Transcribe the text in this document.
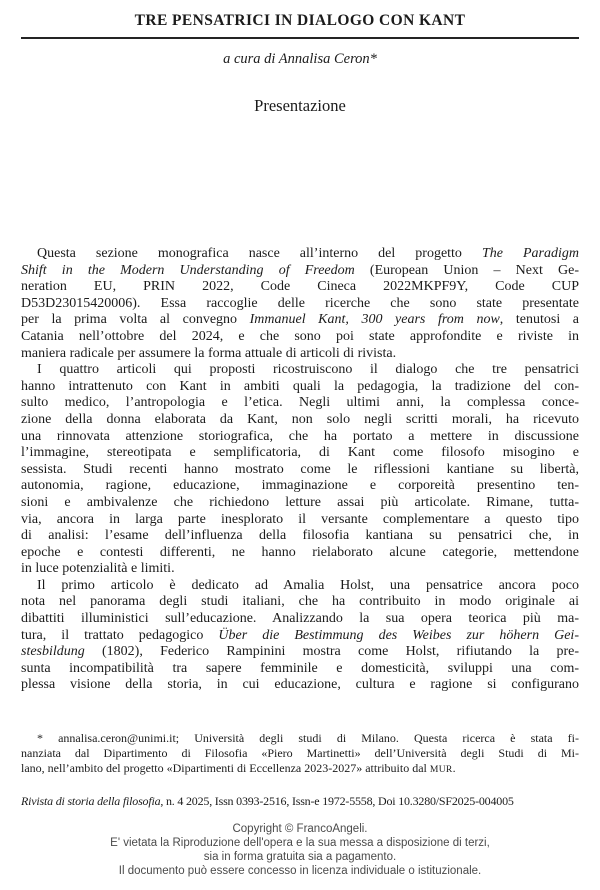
TRE PENSATRICI IN DIALOGO CON KANT
a cura di Annalisa Ceron*
Presentazione
Questa sezione monografica nasce all’interno del progetto The Paradigm
Shift in the Modern Understanding of Freedom (European Union – Next Ge-
neration EU, PRIN 2022, Code Cineca 2022MKPF9Y, Code CUP
D53D23015420006). Essa raccoglie delle ricerche che sono state presentate
per la prima volta al convegno Immanuel Kant, 300 years from now, tenutosi a
Catania nell’ottobre del 2024, e che sono poi state approfondite e riviste in
maniera radicale per assumere la forma attuale di articoli di rivista.
I quattro articoli qui proposti ricostruiscono il dialogo che tre pensatrici
hanno intrattenuto con Kant in ambiti quali la pedagogia, la tradizione del con-
sulto medico, l’antropologia e l’etica. Negli ultimi anni, la complessa conce-
zione della donna elaborata da Kant, non solo negli scritti morali, ha ricevuto
una rinnovata attenzione storiografica, che ha portato a mettere in discussione
l’immagine, stereotipata e semplificatoria, di Kant come filosofo misogino e
sessista. Studi recenti hanno mostrato come le riflessioni kantiane su libertà,
autonomia, ragione, educazione, immaginazione e corporeità presentino ten-
sioni e ambivalenze che richiedono letture assai più articolate. Rimane, tutta-
via, ancora in larga parte inesplorato il versante complementare a questo tipo
di analisi: l’esame dell’influenza della filosofia kantiana su pensatrici che, in
epoche e contesti differenti, ne hanno rielaborato alcune categorie, mettendone
in luce potenzialità e limiti.
Il primo articolo è dedicato ad Amalia Holst, una pensatrice ancora poco
nota nel panorama degli studi italiani, che ha contribuito in modo originale ai
dibattiti illuministici sull’educazione. Analizzando la sua opera teorica più ma-
tura, il trattato pedagogico Über die Bestimmung des Weibes zur höhern Gei-
stesbildung (1802), Federico Rampinini mostra come Holst, rifiutando la pre-
sunta incompatibilità tra sapere femminile e domesticità, sviluppi una com-
plessa visione della storia, in cui educazione, cultura e ragione si configurano
* annalisa.ceron@unimi.it; Università degli studi di Milano. Questa ricerca è stata fi-
nanziata dal Dipartimento di Filosofia «Piero Martinetti» dell’Università degli Studi di Mi-
lano, nell’ambito del progetto «Dipartimenti di Eccellenza 2023-2027» attribuito dal MUR.
Rivista di storia della filosofia, n. 4 2025, Issn 0393-2516, Issn-e 1972-5558, Doi 10.3280/SF2025-004005
Copyright © FrancoAngeli.
E' vietata la Riproduzione dell'opera e la sua messa a disposizione di terzi,
sia in forma gratuita sia a pagamento.
Il documento può essere concesso in licenza individuale o istituzionale.
